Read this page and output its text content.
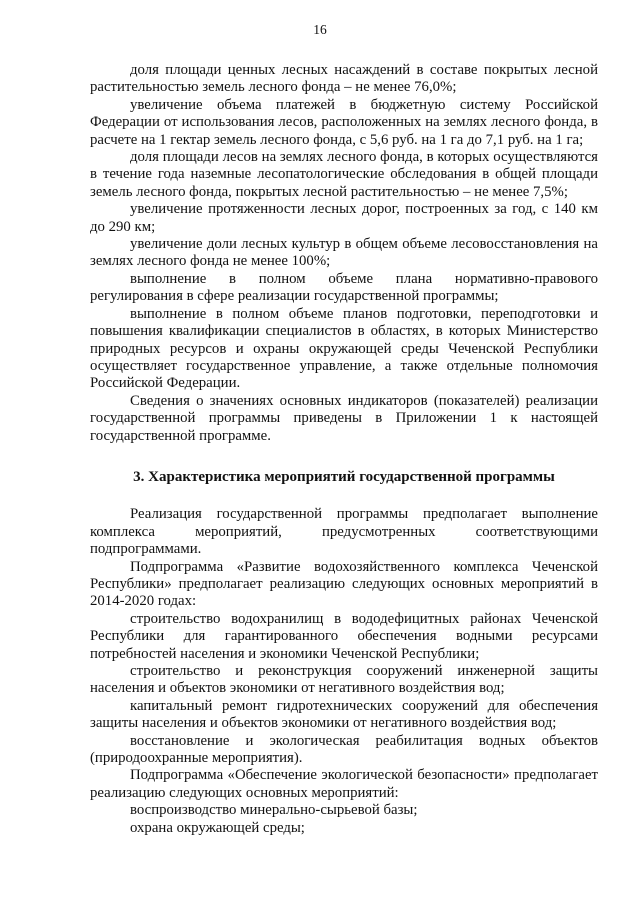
16

доля площади ценных лесных насаждений в составе покрытых лесной растительностью земель лесного фонда – не менее 76,0%;

увеличение объема платежей в бюджетную систему Российской Федерации от использования лесов, расположенных на землях лесного фонда, в расчете на 1 гектар земель лесного фонда, с 5,6 руб. на 1 га до 7,1 руб. на 1 га;

доля площади лесов на землях лесного фонда, в которых осуществляются в течение года наземные лесопатологические обследования в общей площади земель лесного фонда, покрытых лесной растительностью – не менее 7,5%;

увеличение протяженности лесных дорог, построенных за год, с 140 км до 290 км;

увеличение доли лесных культур в общем объеме лесовосстановления на землях лесного фонда не менее 100%;

выполнение в полном объеме плана нормативно-правового регулирования в сфере реализации государственной программы;

выполнение в полном объеме планов подготовки, переподготовки и повышения квалификации специалистов в областях, в которых Министерство природных ресурсов и охраны окружающей среды Чеченской Республики осуществляет государственное управление, а также отдельные полномочия Российской Федерации.

Сведения о значениях основных индикаторов (показателей) реализации государственной программы приведены в Приложении 1 к настоящей государственной программе.

3. Характеристика мероприятий государственной программы

Реализация государственной программы предполагает выполнение комплекса мероприятий, предусмотренных соответствующими подпрограммами.

Подпрограмма «Развитие водохозяйственного комплекса Чеченской Республики» предполагает реализацию следующих основных мероприятий в 2014-2020 годах:

строительство водохранилищ в вододефицитных районах Чеченской Республики для гарантированного обеспечения водными ресурсами потребностей населения и экономики Чеченской Республики;

строительство и реконструкция сооружений инженерной защиты населения и объектов экономики от негативного воздействия вод;

капитальный ремонт гидротехнических сооружений для обеспечения защиты населения и объектов экономики от негативного воздействия вод;

восстановление и экологическая реабилитация водных объектов (природоохранные мероприятия).

Подпрограмма «Обеспечение экологической безопасности» предполагает реализацию следующих основных мероприятий:

воспроизводство минерально-сырьевой базы;

охрана окружающей среды;
